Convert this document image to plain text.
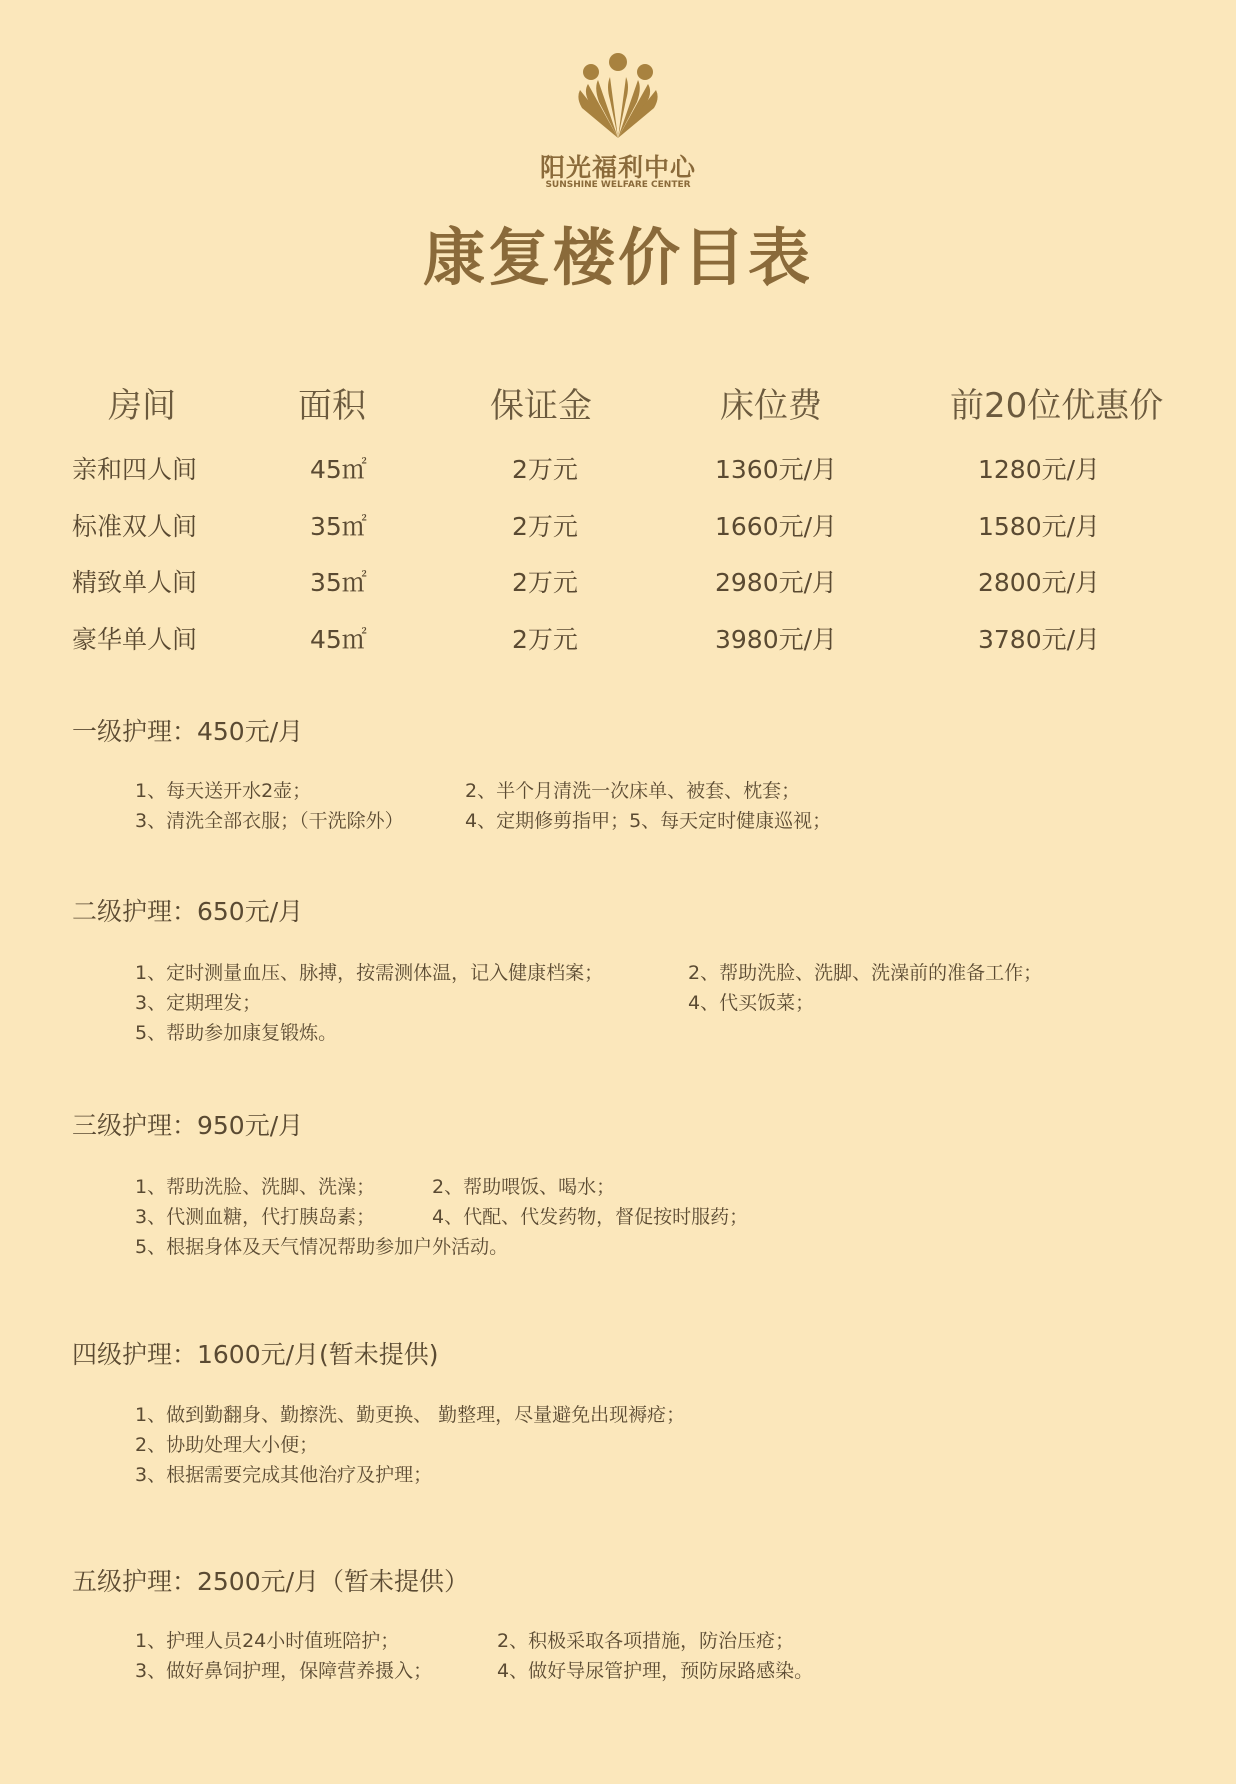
阳光福利中心
SUNSHINE WELFARE CENTER
康复楼价目表
房间	面积	保证金	床位费	前20位优惠价
亲和四人间	45㎡	2万元	1360元/月	1280元/月
标准双人间	35㎡	2万元	1660元/月	1580元/月
精致单人间	35㎡	2万元	2980元/月	2800元/月
豪华单人间	45㎡	2万元	3980元/月	3780元/月
一级护理：450元/月
1、每天送开水2壶；	2、半个月清洗一次床单、被套、枕套；
3、清洗全部衣服；（干洗除外）	4、定期修剪指甲；5、每天定时健康巡视；
二级护理：650元/月
1、定时测量血压、脉搏，按需测体温，记入健康档案；	2、帮助洗脸、洗脚、洗澡前的准备工作；
3、定期理发；	4、代买饭菜；
5、帮助参加康复锻炼。
三级护理：950元/月
1、帮助洗脸、洗脚、洗澡；	2、帮助喂饭、喝水；
3、代测血糖，代打胰岛素；	4、代配、代发药物，督促按时服药；
5、根据身体及天气情况帮助参加户外活动。
四级护理：1600元/月(暂未提供)
1、做到勤翻身、勤擦洗、勤更换、 勤整理，尽量避免出现褥疮；
2、协助处理大小便；
3、根据需要完成其他治疗及护理；
五级护理：2500元/月（暂未提供）
1、护理人员24小时值班陪护；	2、积极采取各项措施，防治压疮；
3、做好鼻饲护理，保障营养摄入；	4、做好导尿管护理，预防尿路感染。
